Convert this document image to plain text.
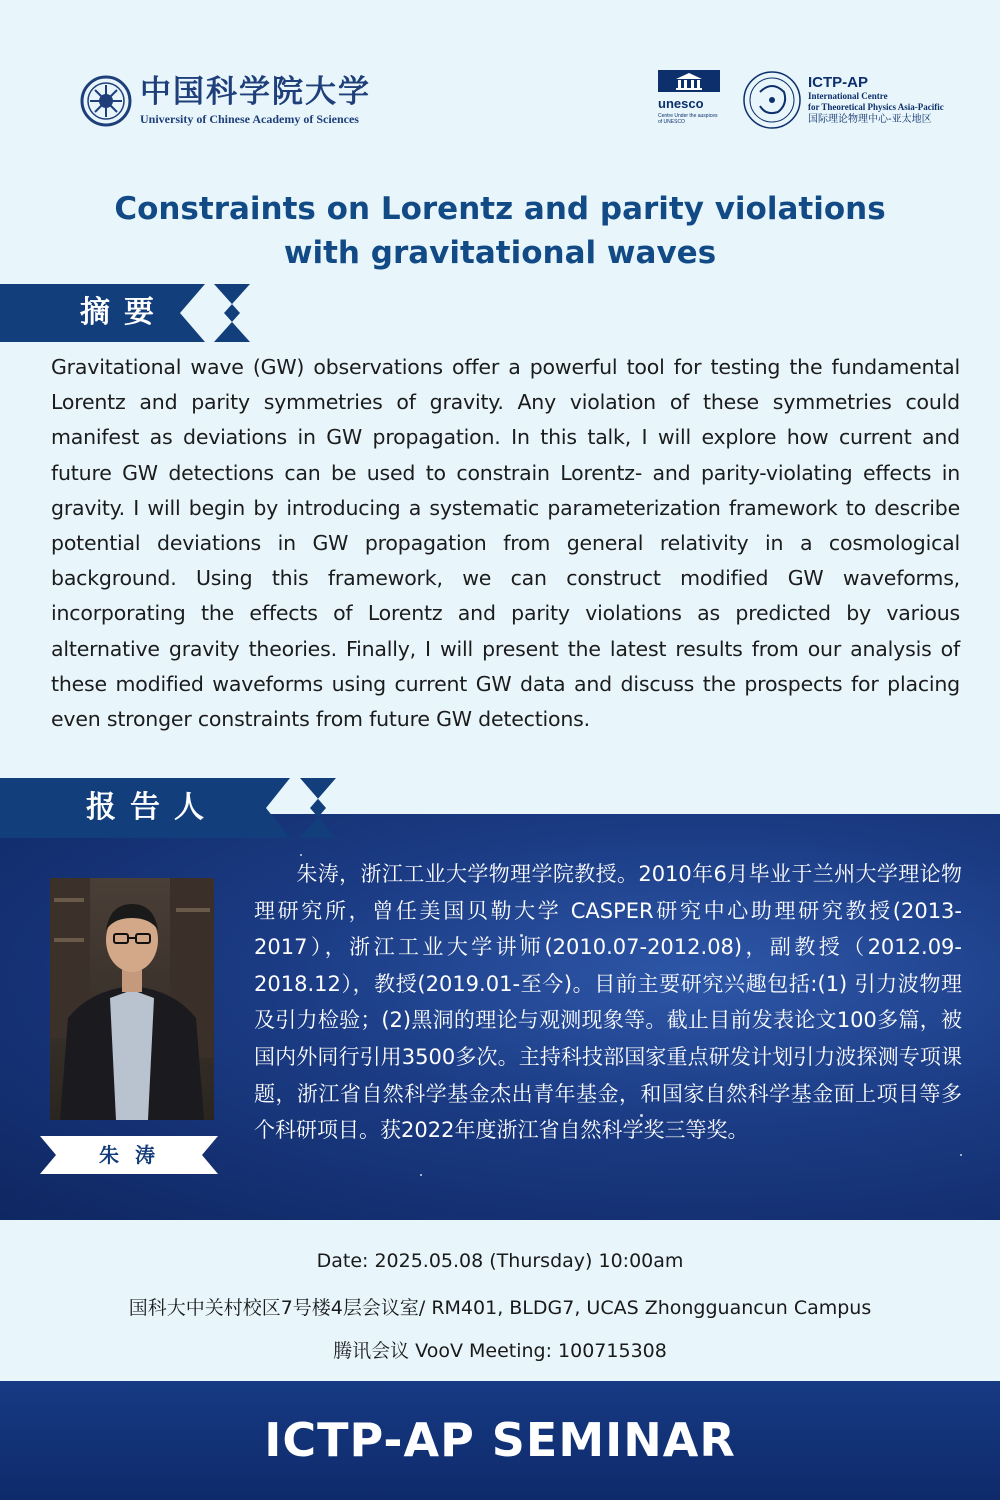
中国科学院大学
University of Chinese Academy of Sciences
unesco
Centre Under the auspices of UNESCO
ICTP-AP
International Centre
for Theoretical Physics Asia-Pacific
国际理论物理中心-亚太地区
Constraints on Lorentz and parity violations
with gravitational waves
摘要
Gravitational wave (GW) observations offer a powerful tool for testing the fundamental Lorentz and parity symmetries of gravity. Any violation of these symmetries could manifest as deviations in GW propagation. In this talk, I will explore how current and future GW detections can be used to constrain Lorentz- and parity-violating effects in gravity. I will begin by introducing a systematic parameterization framework to describe potential deviations in GW propagation from general relativity in a cosmological background. Using this framework, we can construct modified GW waveforms, incorporating the effects of Lorentz and parity violations as predicted by various alternative gravity theories. Finally, I will present the latest results from our analysis of these modified waveforms using current GW data and discuss the prospects for placing even stronger constraints from future GW detections.
报告人
朱涛
朱涛，浙江工业大学物理学院教授。2010年6月毕业于兰州大学理论物理研究所，曾任美国贝勒大学 CASPER研究中心助理研究教授(2013-2017），浙江工业大学讲师(2010.07-2012.08)，副教授（2012.09-2018.12），教授(2019.01-至今)。目前主要研究兴趣包括:(1) 引力波物理及引力检验；(2)黑洞的理论与观测现象等。截止目前发表论文100多篇，被国内外同行引用3500多次。主持科技部国家重点研发计划引力波探测专项课题，浙江省自然科学基金杰出青年基金，和国家自然科学基金面上项目等多个科研项目。获2022年度浙江省自然科学奖三等奖。
Date: 2025.05.08 (Thursday) 10:00am
国科大中关村校区7号楼4层会议室/ RM401, BLDG7, UCAS Zhongguancun Campus
腾讯会议 VooV Meeting: 100715308
ICTP-AP SEMINAR
